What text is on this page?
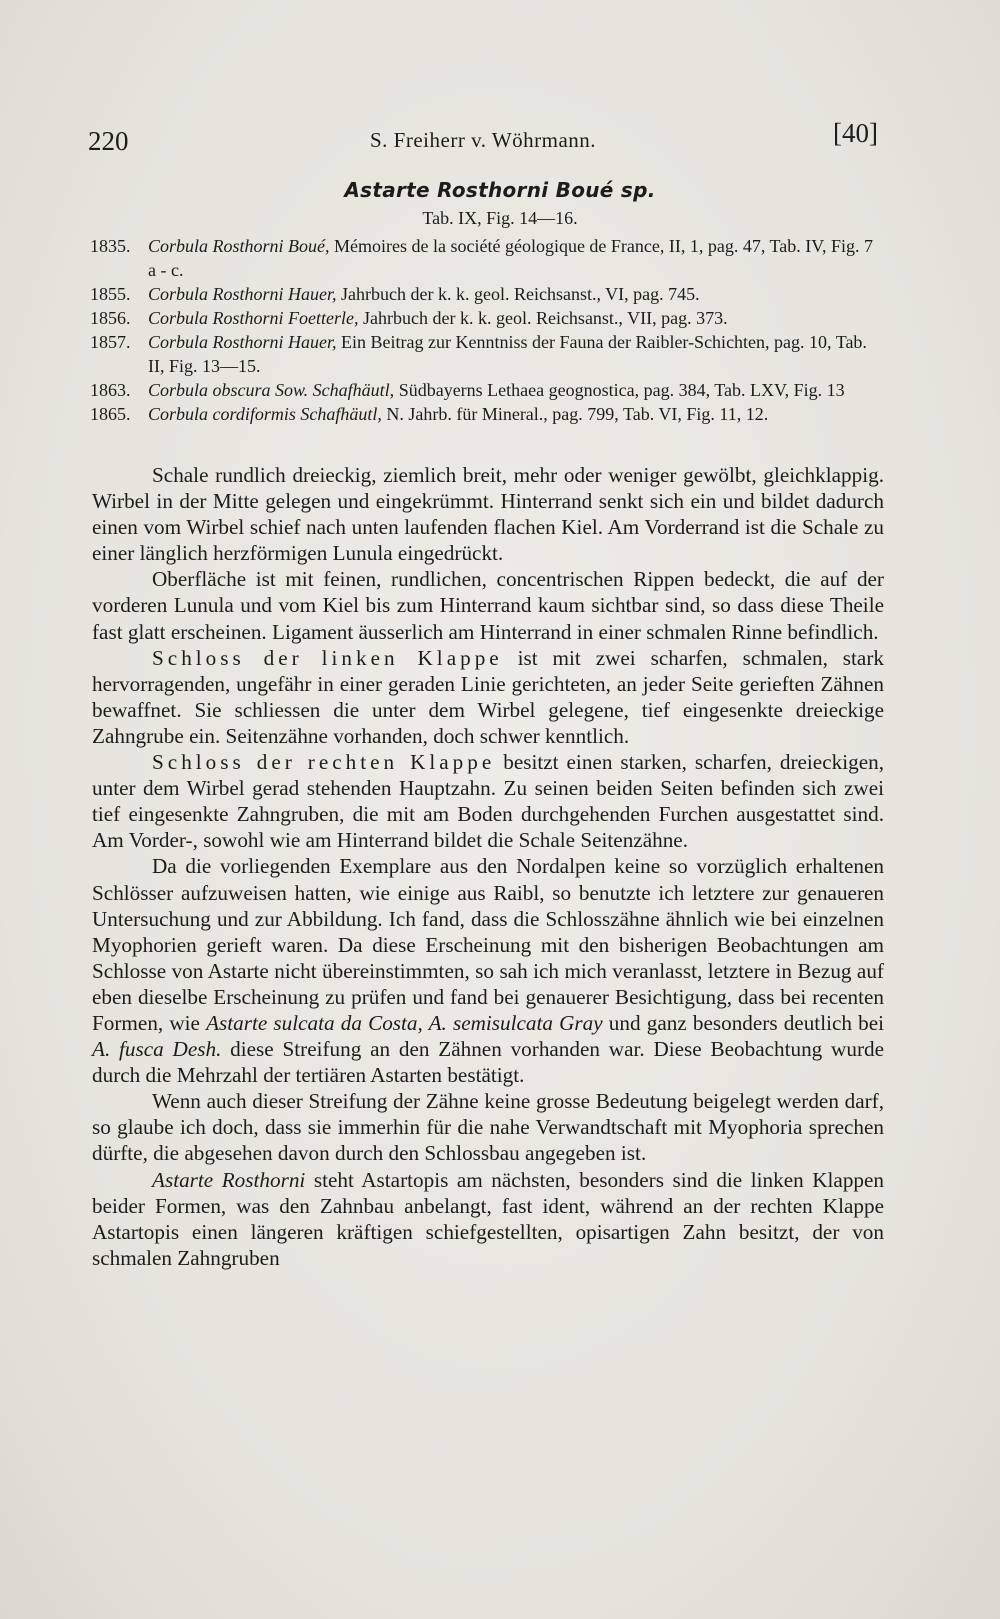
220	S. Freiherr v. Wöhrmann.	[40]
Astarte Rosthorni Boué sp.
Tab. IX, Fig. 14—16.
1835. Corbula Rosthorni Boué, Mémoires de la société géologique de France, II, 1, pag. 47, Tab. IV, Fig. 7 a - c.
1855. Corbula Rosthorni Hauer, Jahrbuch der k. k. geol. Reichsanst., VI, pag. 745.
1856. Corbula Rosthorni Foetterle, Jahrbuch der k. k. geol. Reichsanst., VII, pag. 373.
1857. Corbula Rosthorni Hauer, Ein Beitrag zur Kenntniss der Fauna der Raibler-Schichten, pag. 10, Tab. II, Fig. 13—15.
1863. Corbula obscura Sow. Schafhäutl, Südbayerns Lethaea geognostica, pag. 384, Tab. LXV, Fig. 13
1865. Corbula cordiformis Schafhäutl, N. Jahrb. für Mineral., pag. 799, Tab. VI, Fig. 11, 12.

Schale rundlich dreieckig, ziemlich breit, mehr oder weniger gewölbt, gleichklappig. Wirbel in der Mitte gelegen und eingekrümmt. Hinterrand senkt sich ein und bildet dadurch einen vom Wirbel schief nach unten laufenden flachen Kiel. Am Vorderrand ist die Schale zu einer länglich herzförmigen Lunula eingedrückt.

Oberfläche ist mit feinen, rundlichen, concentrischen Rippen bedeckt, die auf der vorderen Lunula und vom Kiel bis zum Hinterrand kaum sichtbar sind, so dass diese Theile fast glatt erscheinen. Ligament äusserlich am Hinterrand in einer schmalen Rinne befindlich.

Schloss der linken Klappe ist mit zwei scharfen, schmalen, stark hervorragenden, ungefähr in einer geraden Linie gerichteten, an jeder Seite gerieften Zähnen bewaffnet. Sie schliessen die unter dem Wirbel gelegene, tief eingesenkte dreieckige Zahngrube ein. Seitenzähne vorhanden, doch schwer kenntlich.

Schloss der rechten Klappe besitzt einen starken, scharfen, dreieckigen, unter dem Wirbel gerad stehenden Hauptzahn. Zu seinen beiden Seiten befinden sich zwei tief eingesenkte Zahngruben, die mit am Boden durchgehenden Furchen ausgestattet sind. Am Vorder-, sowohl wie am Hinterrand bildet die Schale Seitenzähne.

Da die vorliegenden Exemplare aus den Nordalpen keine so vorzüglich erhaltenen Schlösser aufzuweisen hatten, wie einige aus Raibl, so benutzte ich letztere zur genaueren Untersuchung und zur Abbildung. Ich fand, dass die Schlosszähne ähnlich wie bei einzelnen Myophorien gerieft waren. Da diese Erscheinung mit den bisherigen Beobachtungen am Schlosse von Astarte nicht übereinstimmten, so sah ich mich veranlasst, letztere in Bezug auf eben dieselbe Erscheinung zu prüfen und fand bei genauerer Besichtigung, dass bei recenten Formen, wie Astarte sulcata da Costa, A. semisulcata Gray und ganz besonders deutlich bei A. fusca Desh. diese Streifung an den Zähnen vorhanden war. Diese Beobachtung wurde durch die Mehrzahl der tertiären Astarten bestätigt.

Wenn auch dieser Streifung der Zähne keine grosse Bedeutung beigelegt werden darf, so glaube ich doch, dass sie immerhin für die nahe Verwandtschaft mit Myophoria sprechen dürfte, die abgesehen davon durch den Schlossbau angegeben ist.

Astarte Rosthorni steht Astartopis am nächsten, besonders sind die linken Klappen beider Formen, was den Zahnbau anbelangt, fast ident, während an der rechten Klappe Astartopis einen längeren kräftigen schiefgestellten, opisartigen Zahn besitzt, der von schmalen Zahngruben
